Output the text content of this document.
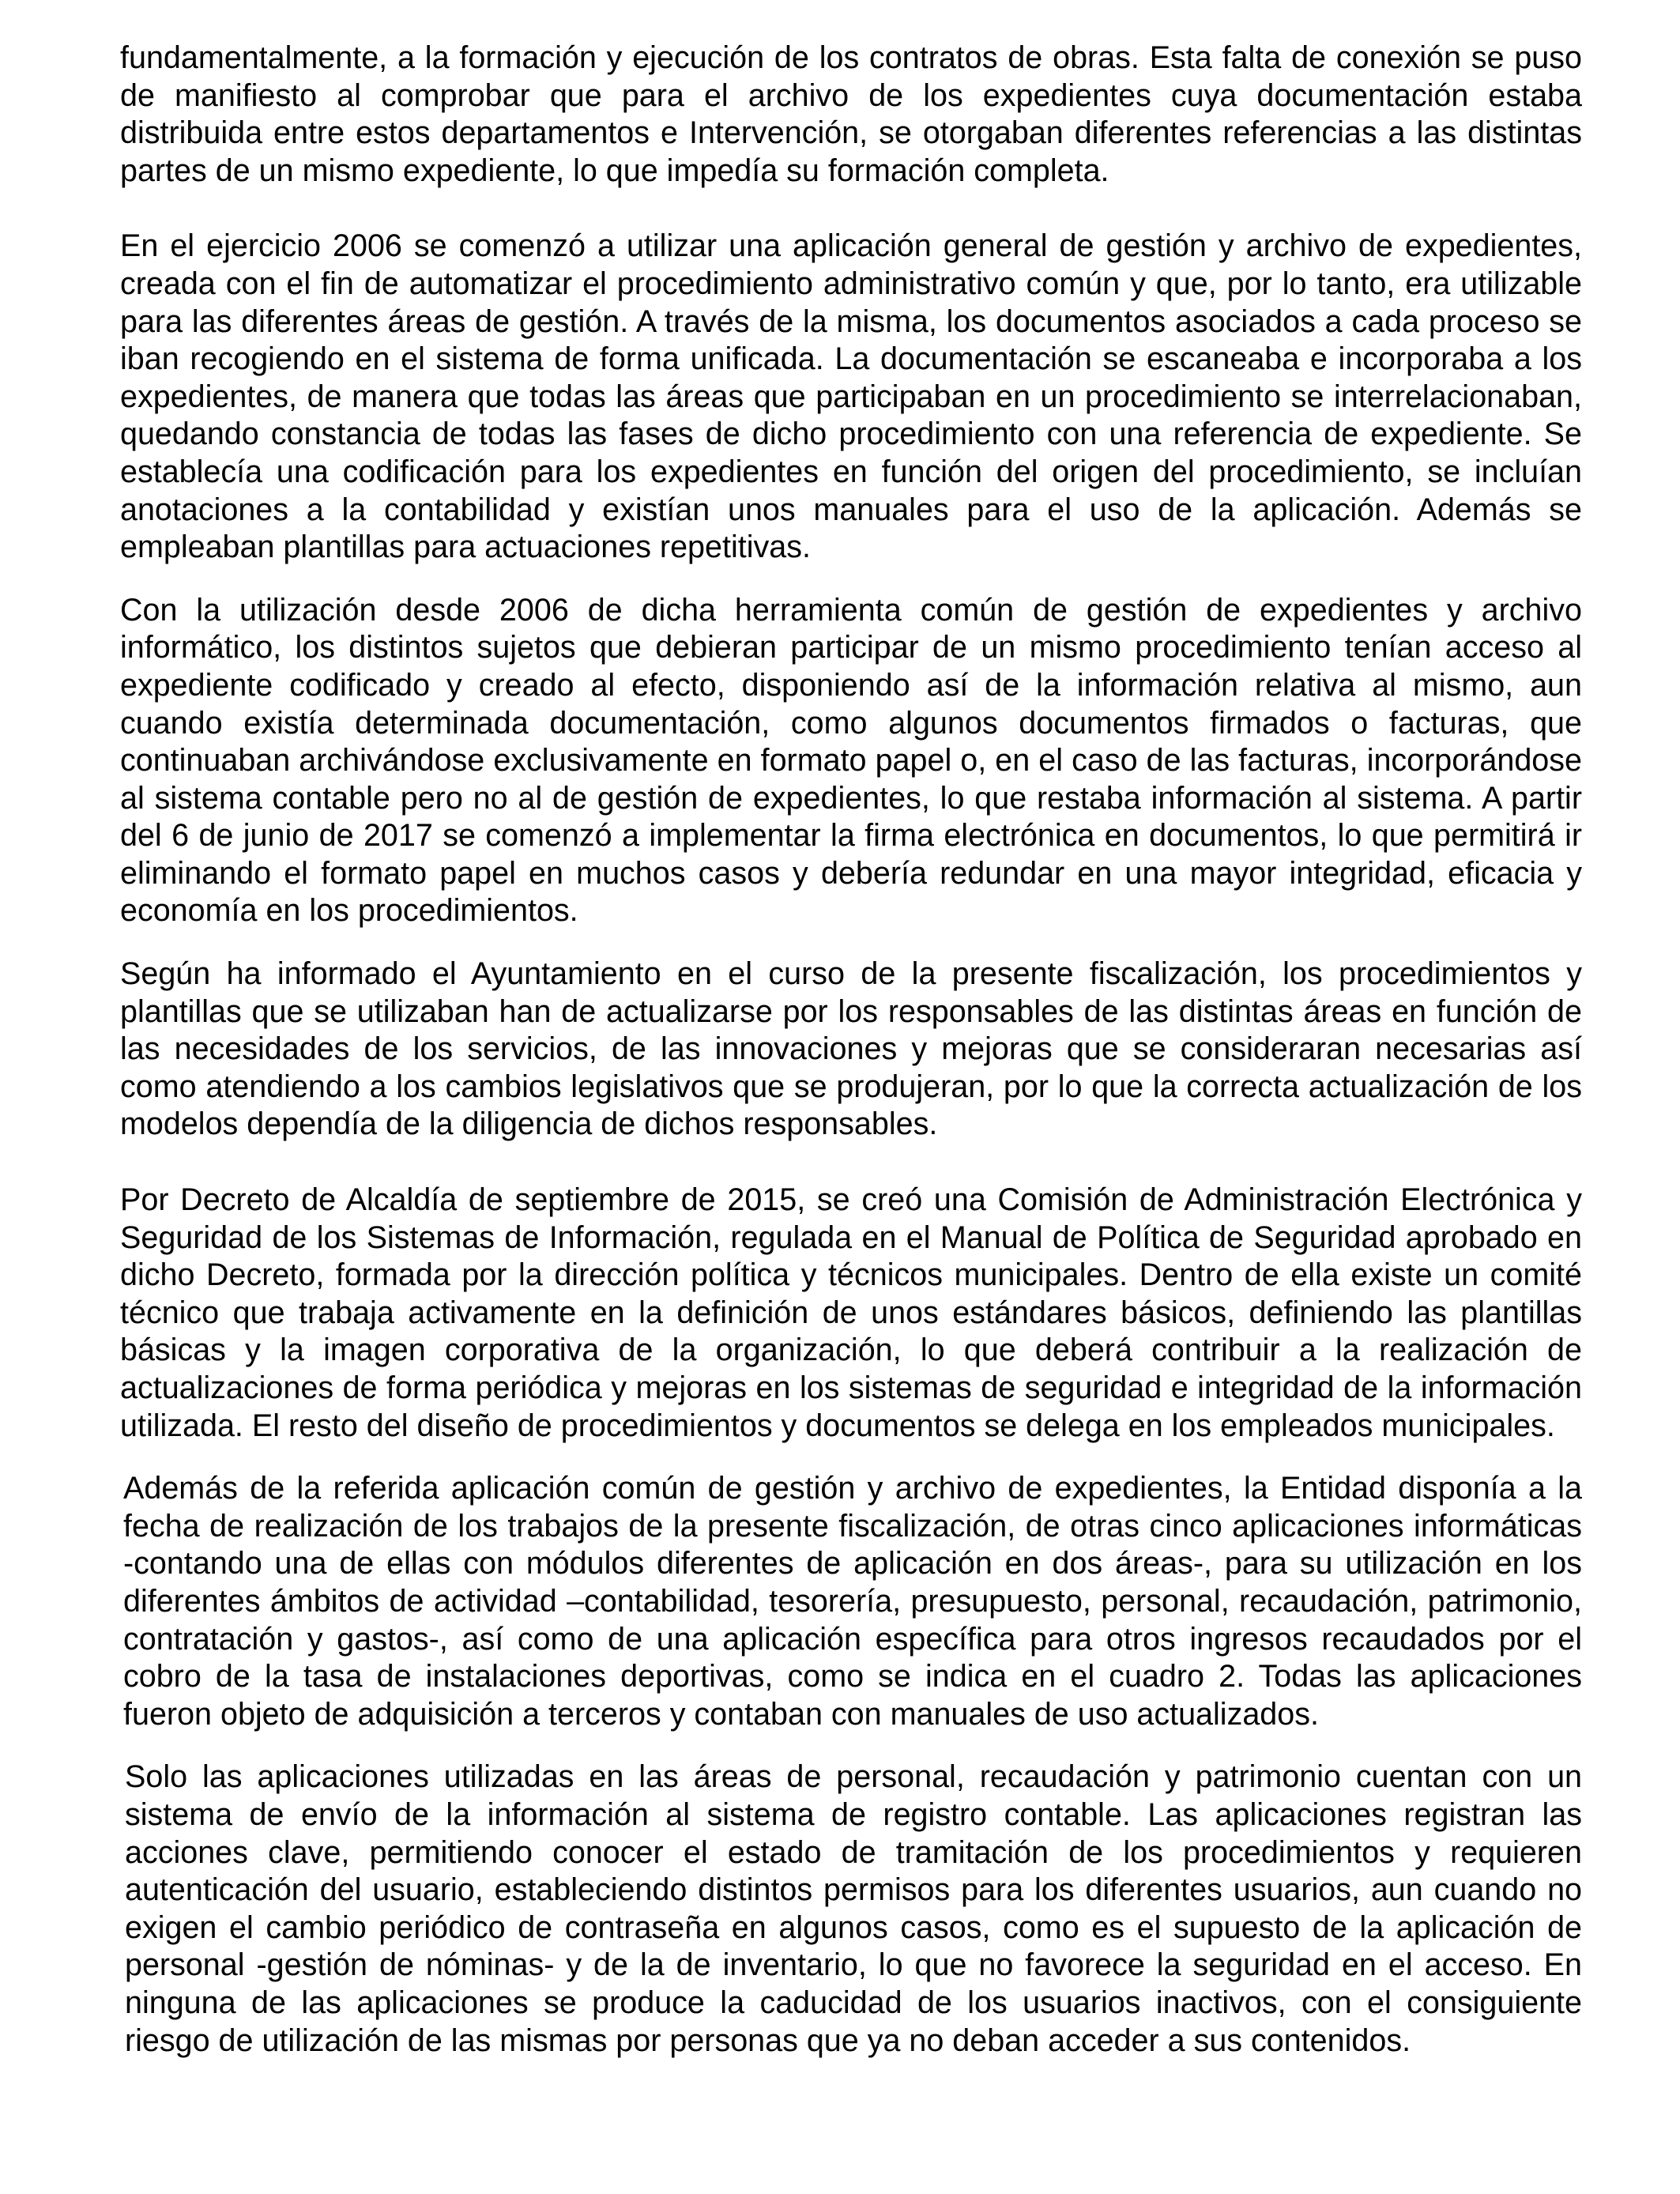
fundamentalmente, a la formación y ejecución de los contratos de obras. Esta falta de conexión se puso de manifiesto al comprobar que para el archivo de los expedientes cuya documentación estaba distribuida entre estos departamentos e Intervención, se otorgaban diferentes referencias a las distintas partes de un mismo expediente, lo que impedía su formación completa.

En el ejercicio 2006 se comenzó a utilizar una aplicación general de gestión y archivo de expedientes, creada con el fin de automatizar el procedimiento administrativo común y que, por lo tanto, era utilizable para las diferentes áreas de gestión. A través de la misma, los documentos asociados a cada proceso se iban recogiendo en el sistema de forma unificada. La documentación se escaneaba e incorporaba a los expedientes, de manera que todas las áreas que participaban en un procedimiento se interrelacionaban, quedando constancia de todas las fases de dicho procedimiento con una referencia de expediente. Se establecía una codificación para los expedientes en función del origen del procedimiento, se incluían anotaciones a la contabilidad y existían unos manuales para el uso de la aplicación. Además se empleaban plantillas para actuaciones repetitivas.

Con la utilización desde 2006 de dicha herramienta común de gestión de expedientes y archivo informático, los distintos sujetos que debieran participar de un mismo procedimiento tenían acceso al expediente codificado y creado al efecto, disponiendo así de la información relativa al mismo, aun cuando existía determinada documentación, como algunos documentos firmados o facturas, que continuaban archivándose exclusivamente en formato papel o, en el caso de las facturas, incorporándose al sistema contable pero no al de gestión de expedientes, lo que restaba información al sistema. A partir del 6 de junio de 2017 se comenzó a implementar la firma electrónica en documentos, lo que permitirá ir eliminando el formato papel en muchos casos y debería redundar en una mayor integridad, eficacia y economía en los procedimientos.

Según ha informado el Ayuntamiento en el curso de la presente fiscalización, los procedimientos y plantillas que se utilizaban han de actualizarse por los responsables de las distintas áreas en función de las necesidades de los servicios, de las innovaciones y mejoras que se consideraran necesarias así como atendiendo a los cambios legislativos que se produjeran, por lo que la correcta actualización de los modelos dependía de la diligencia de dichos responsables.

Por Decreto de Alcaldía de septiembre de 2015, se creó una Comisión de Administración Electrónica y Seguridad de los Sistemas de Información, regulada en el Manual de Política de Seguridad aprobado en dicho Decreto, formada por la dirección política y técnicos municipales. Dentro de ella existe un comité técnico que trabaja activamente en la definición de unos estándares básicos, definiendo las plantillas básicas y la imagen corporativa de la organización, lo que deberá contribuir a la realización de actualizaciones de forma periódica y mejoras en los sistemas de seguridad e integridad de la información utilizada. El resto del diseño de procedimientos y documentos se delega en los empleados municipales.

Además de la referida aplicación común de gestión y archivo de expedientes, la Entidad disponía a la fecha de realización de los trabajos de la presente fiscalización, de otras cinco aplicaciones informáticas -contando una de ellas con módulos diferentes de aplicación en dos áreas-, para su utilización en los diferentes ámbitos de actividad –contabilidad, tesorería, presupuesto, personal, recaudación, patrimonio, contratación y gastos-, así como de una aplicación específica para otros ingresos recaudados por el cobro de la tasa de instalaciones deportivas, como se indica en el cuadro 2. Todas las aplicaciones fueron objeto de adquisición a terceros y contaban con manuales de uso actualizados.

Solo las aplicaciones utilizadas en las áreas de personal, recaudación y patrimonio cuentan con un sistema de envío de la información al sistema de registro contable. Las aplicaciones registran las acciones clave, permitiendo conocer el estado de tramitación de los procedimientos y requieren autenticación del usuario, estableciendo distintos permisos para los diferentes usuarios, aun cuando no exigen el cambio periódico de contraseña en algunos casos, como es el supuesto de la aplicación de personal -gestión de nóminas- y de la de inventario, lo que no favorece la seguridad en el acceso. En ninguna de las aplicaciones se produce la caducidad de los usuarios inactivos, con el consiguiente riesgo de utilización de las mismas por personas que ya no deban acceder a sus contenidos.
